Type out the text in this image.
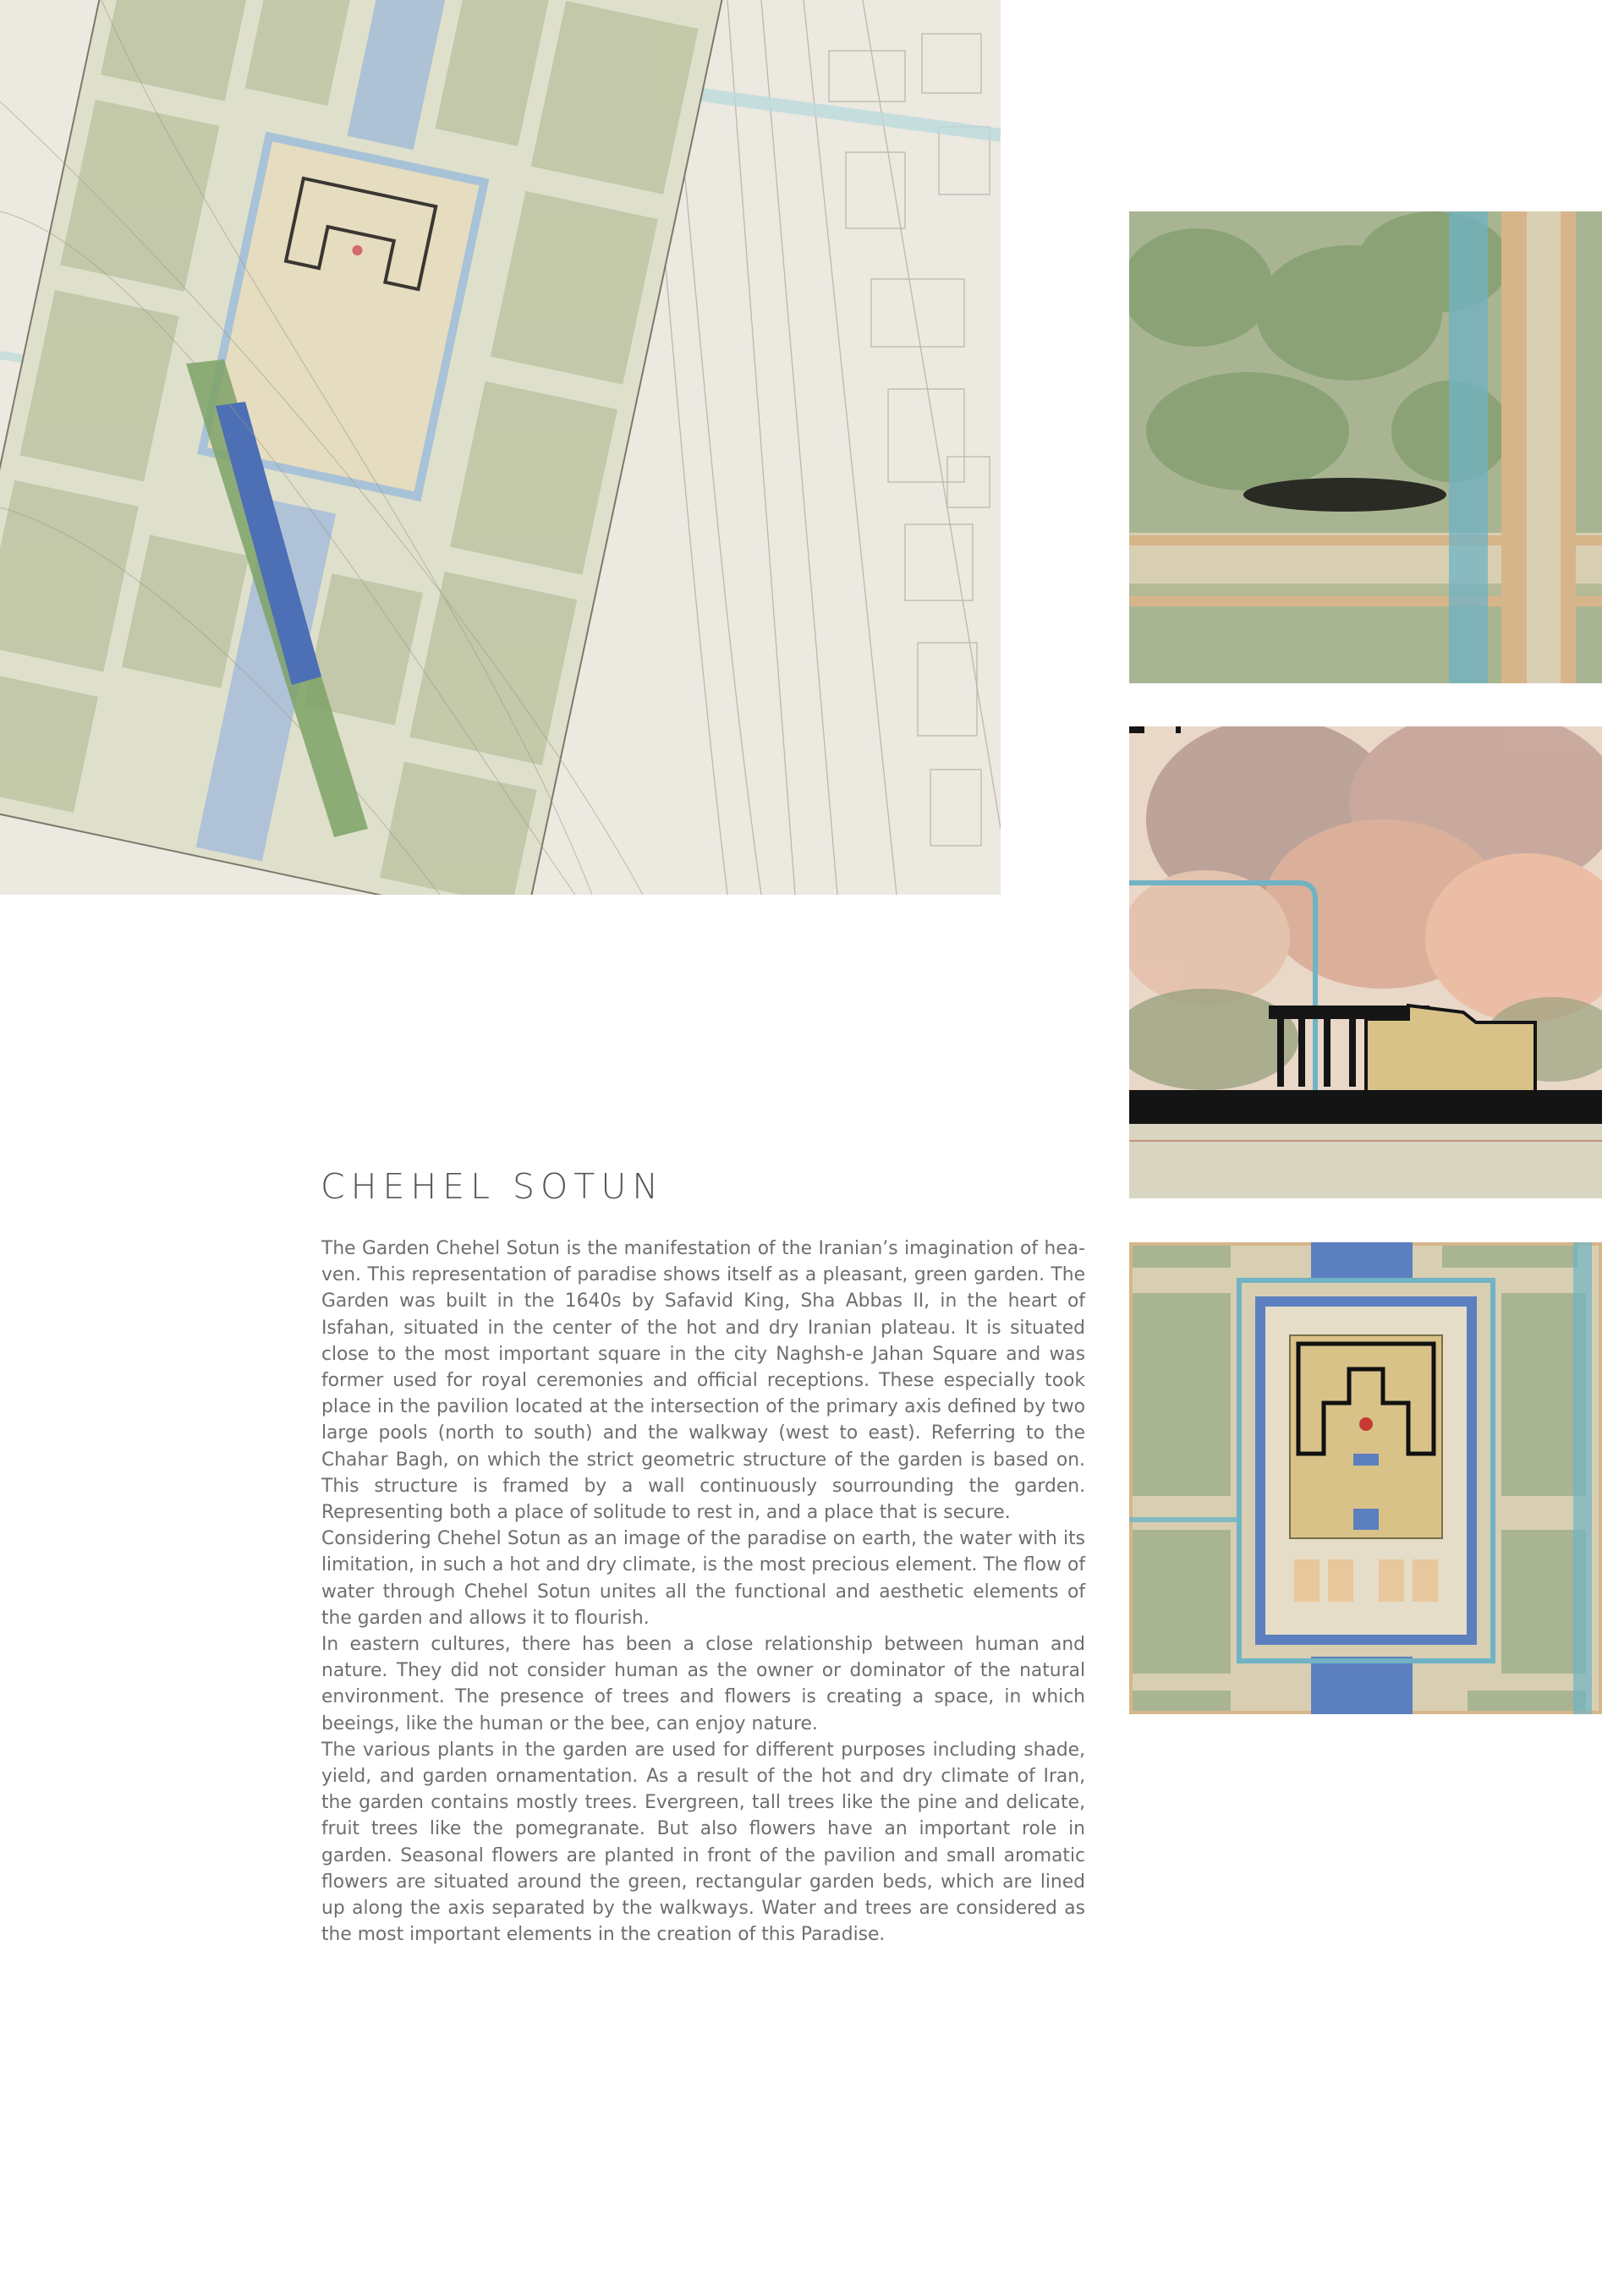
CHEHEL SOTUN

The Garden Chehel Sotun is the manifestation of the Iranian’s imagination of heaven. This representation of paradise shows itself as a pleasant, green garden. The Garden was built in the 1640s by Safavid King, Sha Abbas II, in the heart of Isfahan, situated in the center of the hot and dry Iranian plateau. It is situated close to the most important square in the city Naghsh-e Jahan Square and was former used for royal ceremonies and official receptions. These especially took place in the pavilion located at the intersection of the primary axis defined by two large pools (north to south) and the walkway (west to east). Referring to the Chahar Bagh, on which the strict geometric structure of the garden is based on. This structure is framed by a wall continuously sourrounding the garden. Representing both a place of solitude to rest in, and a place that is secure.

Considering Chehel Sotun as an image of the paradise on earth, the water with its limitation, in such a hot and dry climate, is the most precious element. The flow of water through Chehel Sotun unites all the functional and aesthetic elements of the garden and allows it to flourish.

In eastern cultures, there has been a close relationship between human and nature. They did not consider human as the owner or dominator of the natural environment. The presence of trees and flowers is creating a space, in which beeings, like the human or the bee, can enjoy nature.

The various plants in the garden are used for different purposes including shade, yield, and garden ornamentation. As a result of the hot and dry climate of Iran, the garden contains mostly trees. Evergreen, tall trees like the pine and delicate, fruit trees like the pomegranate. But also flowers have an important role in garden. Seasonal flowers are planted in front of the pavilion and small aromatic flowers are situated around the green, rectangular garden beds, which are lined up along the axis separated by the walkways. Water and trees are considered as the most important elements in the creation of this Paradise.
